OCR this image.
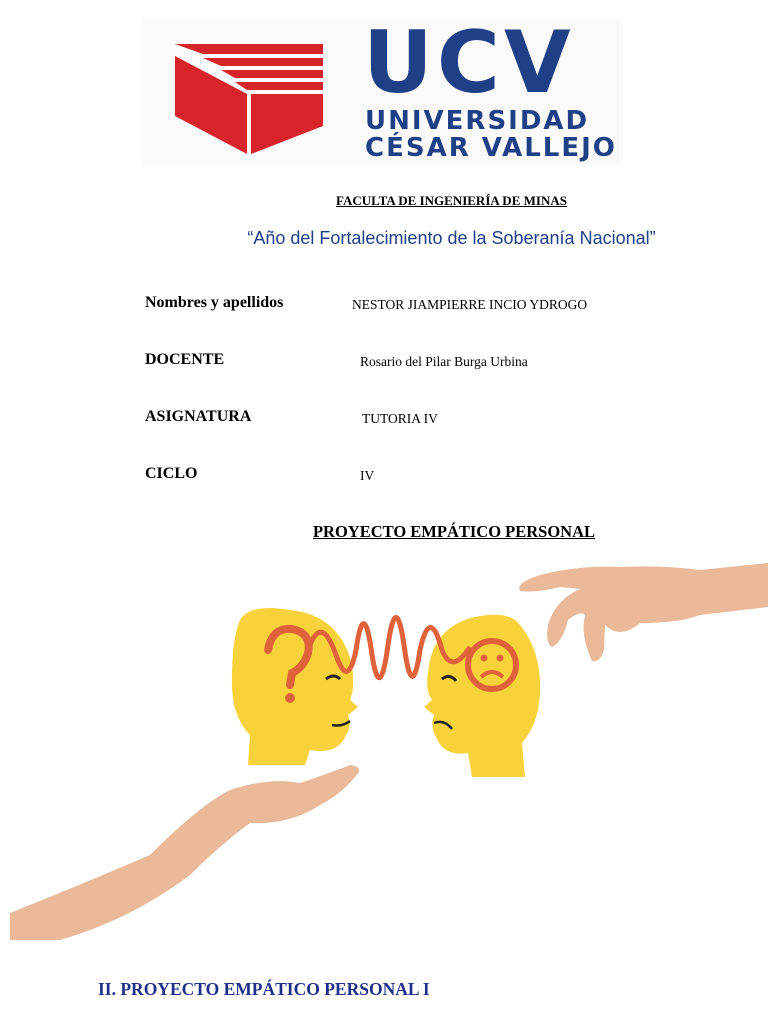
UCV
UNIVERSIDAD
CÉSAR VALLEJO
FACULTA DE INGENIERÍA DE MINAS
“Año del Fortalecimiento de la Soberanía Nacional”
Nombres y apellidos	NESTOR JIAMPIERRE INCIO YDROGO
DOCENTE	Rosario del Pilar Burga Urbina
ASIGNATURA	TUTORIA IV
CICLO	IV
PROYECTO EMPÁTICO PERSONAL
II. PROYECTO EMPÁTICO PERSONAL I
